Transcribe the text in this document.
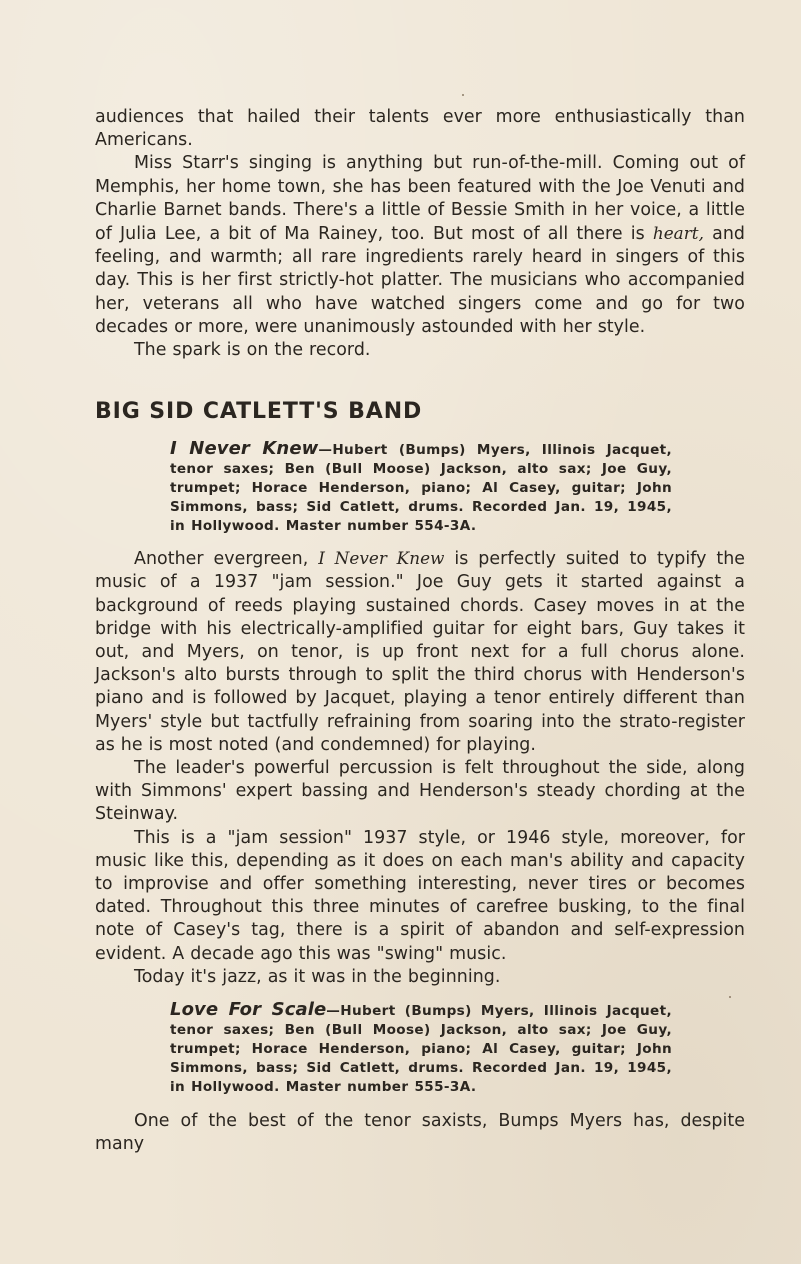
audiences that hailed their talents ever more enthusiastically than Americans.

Miss Starr's singing is anything but run-of-the-mill. Coming out of Memphis, her home town, she has been featured with the Joe Venuti and Charlie Barnet bands. There's a little of Bessie Smith in her voice, a little of Julia Lee, a bit of Ma Rainey, too. But most of all there is heart, and feeling, and warmth; all rare ingredients rarely heard in singers of this day. This is her first strictly-hot platter. The musicians who accompanied her, veterans all who have watched singers come and go for two decades or more, were unanimously astounded with her style.

The spark is on the record.

BIG SID CATLETT'S BAND

I Never Knew—Hubert (Bumps) Myers, Illinois Jacquet, tenor saxes; Ben (Bull Moose) Jackson, alto sax; Joe Guy, trumpet; Horace Henderson, piano; Al Casey, guitar; John Simmons, bass; Sid Catlett, drums. Recorded Jan. 19, 1945, in Hollywood. Master number 554-3A.

Another evergreen, I Never Knew is perfectly suited to typify the music of a 1937 "jam session." Joe Guy gets it started against a background of reeds playing sustained chords. Casey moves in at the bridge with his electrically-amplified guitar for eight bars, Guy takes it out, and Myers, on tenor, is up front next for a full chorus alone. Jackson's alto bursts through to split the third chorus with Henderson's piano and is followed by Jacquet, playing a tenor entirely different than Myers' style but tactfully refraining from soaring into the strato-register as he is most noted (and condemned) for playing.

The leader's powerful percussion is felt throughout the side, along with Simmons' expert bassing and Henderson's steady chording at the Steinway.

This is a "jam session" 1937 style, or 1946 style, moreover, for music like this, depending as it does on each man's ability and capacity to improvise and offer something interesting, never tires or becomes dated. Throughout this three minutes of carefree busking, to the final note of Casey's tag, there is a spirit of abandon and self-expression evident. A decade ago this was "swing" music.

Today it's jazz, as it was in the beginning.

Love For Scale—Hubert (Bumps) Myers, Illinois Jacquet, tenor saxes; Ben (Bull Moose) Jackson, alto sax; Joe Guy, trumpet; Horace Henderson, piano; Al Casey, guitar; John Simmons, bass; Sid Catlett, drums. Recorded Jan. 19, 1945, in Hollywood. Master number 555-3A.

One of the best of the tenor saxists, Bumps Myers has, despite many
